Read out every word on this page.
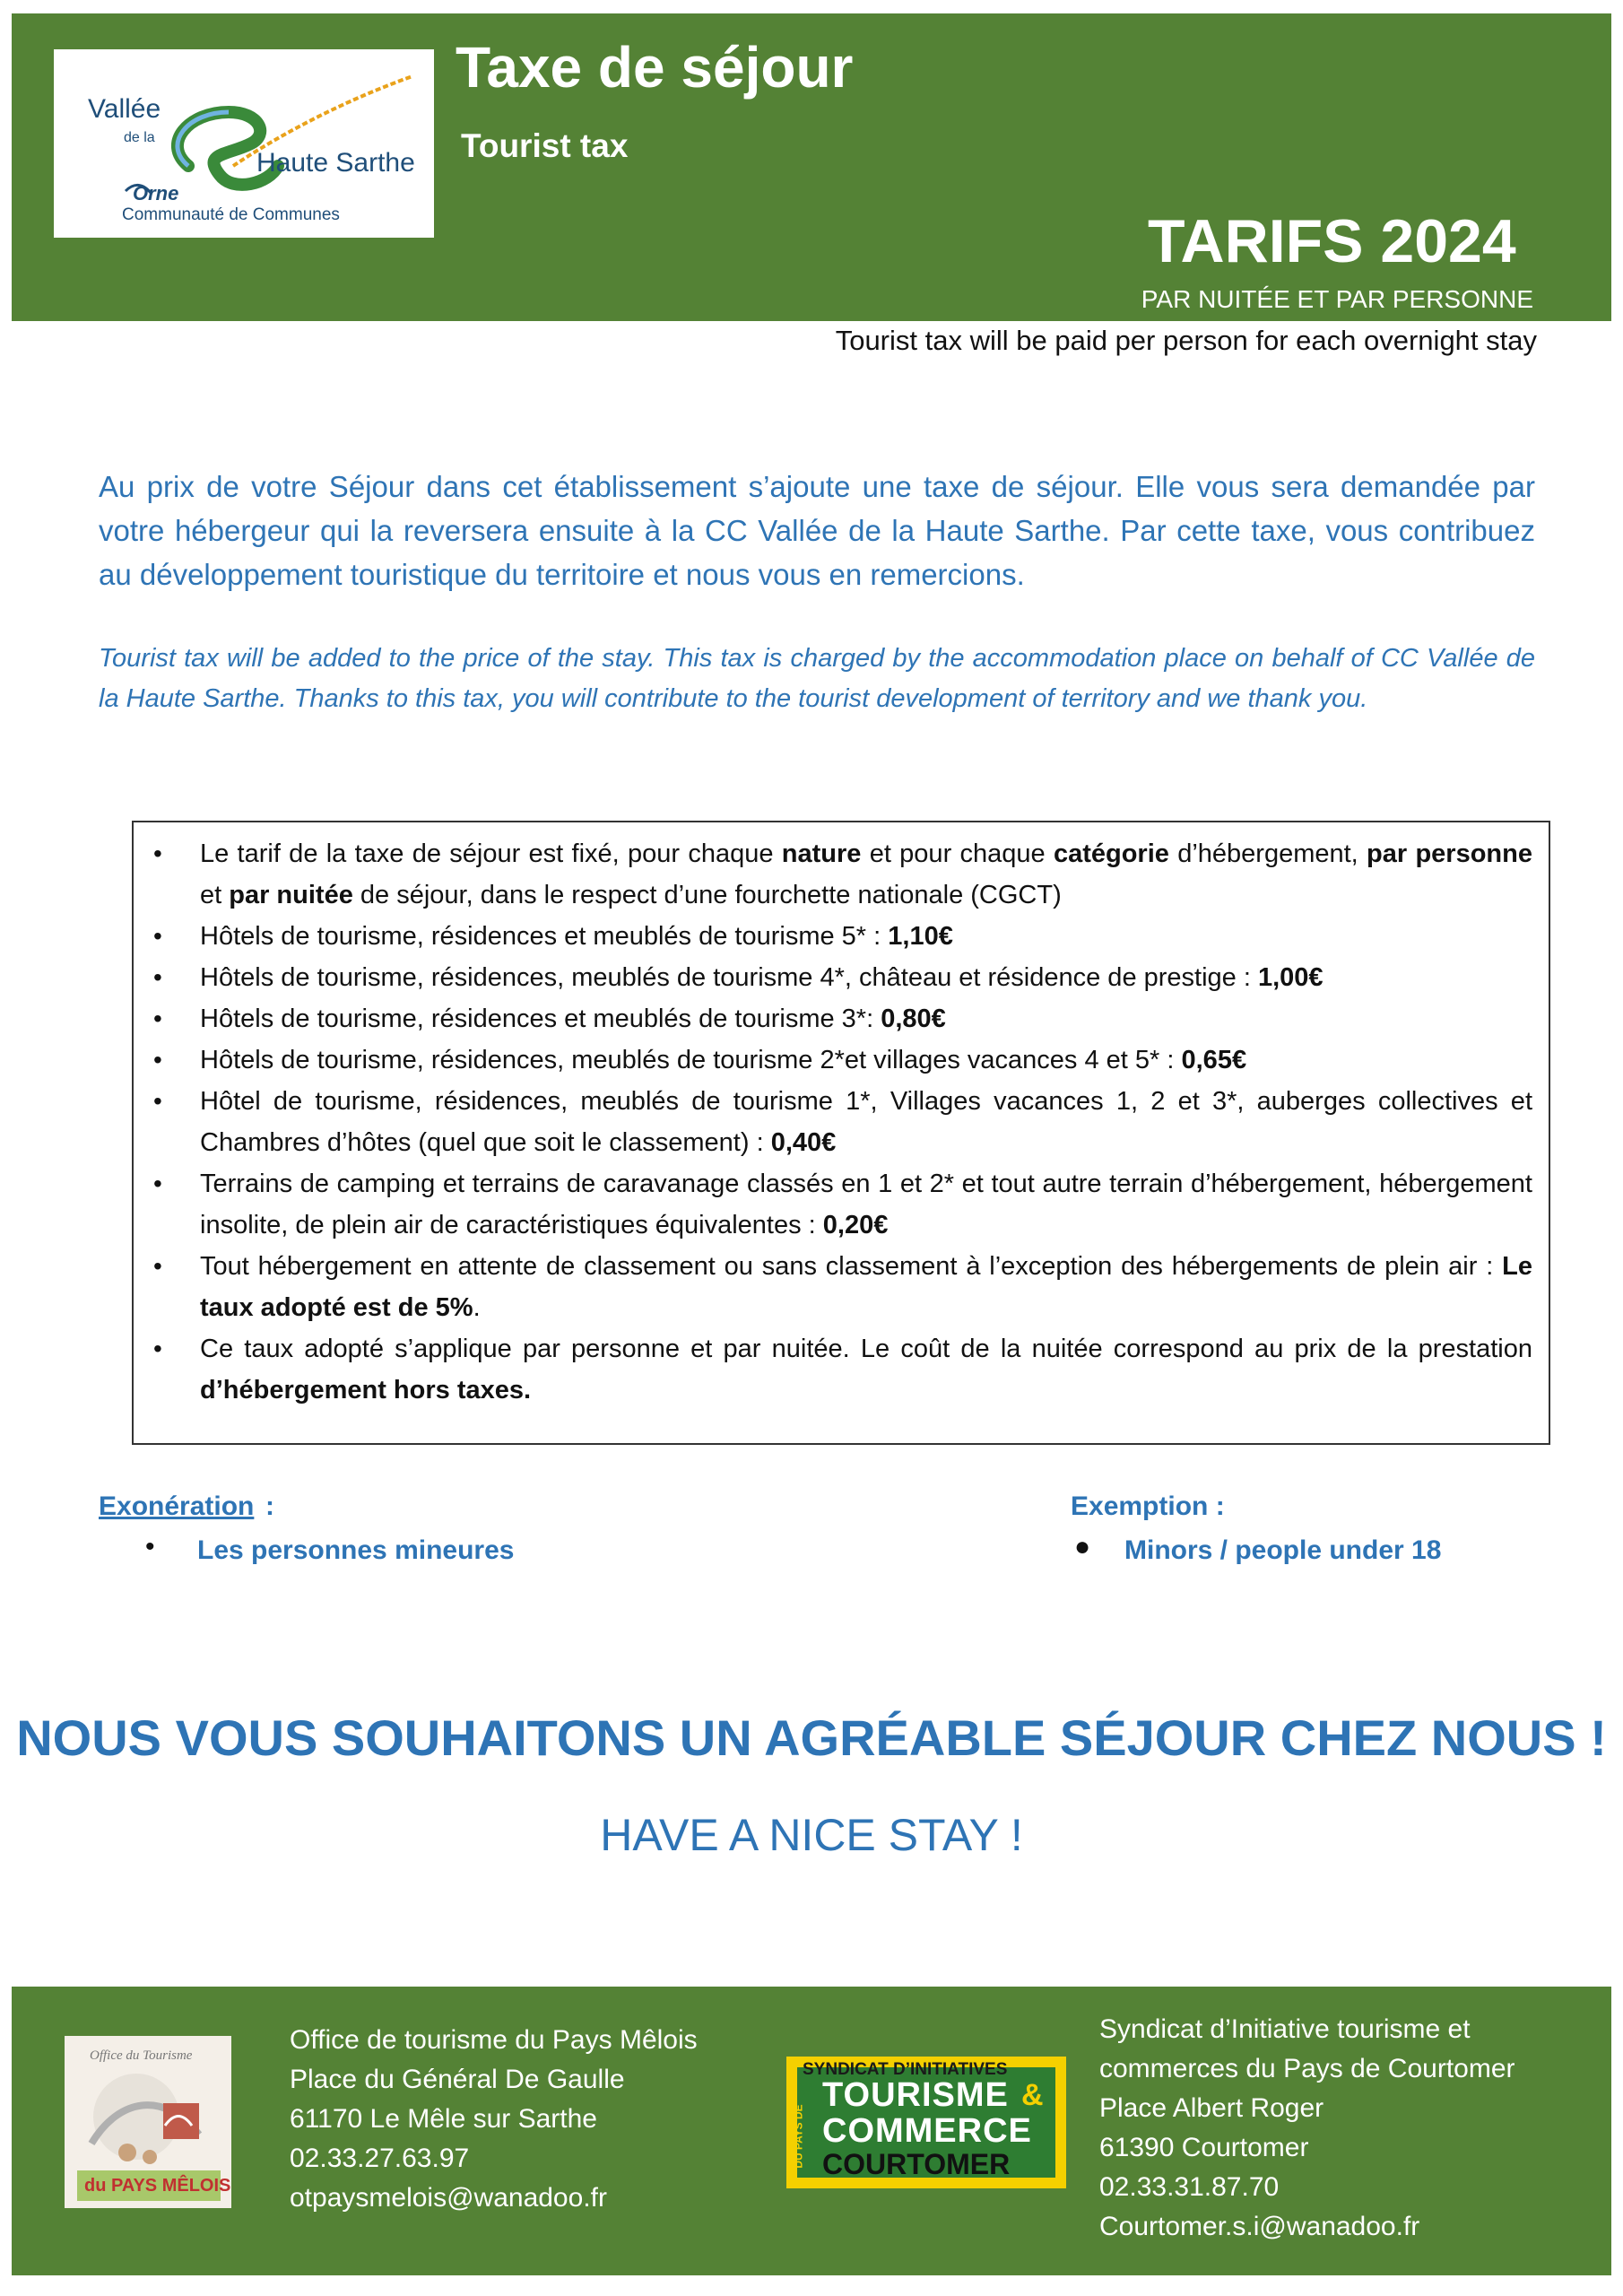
Vallée
de la
Haute Sarthe
Orne
Communauté de Communes
Taxe de séjour
Tourist tax
TARIFS 2024
PAR NUITÉE ET PAR PERSONNE
Tourist tax will be paid per person for each overnight stay
Au prix de votre Séjour dans cet établissement s’ajoute une taxe de séjour. Elle vous sera demandée par votre hébergeur qui la reversera ensuite à la CC Vallée de la Haute Sarthe. Par cette taxe, vous contribuez au développement touristique du territoire et nous vous en remercions.
Tourist tax will be added to the price of the stay. This tax is charged by the accommodation place on behalf of CC Vallée de la Haute Sarthe. Thanks to this tax, you will contribute to the tourist development of territory and we thank you.
• Le tarif de la taxe de séjour est fixé, pour chaque nature et pour chaque catégorie d’hébergement, par personne et par nuitée de séjour, dans le respect d’une fourchette nationale (CGCT)
• Hôtels de tourisme, résidences et meublés de tourisme 5* : 1,10€
• Hôtels de tourisme, résidences, meublés de tourisme 4*, château et résidence de prestige : 1,00€
• Hôtels de tourisme, résidences et meublés de tourisme 3*: 0,80€
• Hôtels de tourisme, résidences, meublés de tourisme 2*et villages vacances 4 et 5* : 0,65€
• Hôtel de tourisme, résidences, meublés de tourisme 1*, Villages vacances 1, 2 et 3*, auberges collectives et Chambres d’hôtes (quel que soit le classement) : 0,40€
• Terrains de camping et terrains de caravanage classés en 1 et 2* et tout autre terrain d’hébergement, hébergement insolite, de plein air de caractéristiques équivalentes : 0,20€
• Tout hébergement en attente de classement ou sans classement à l’exception des hébergements de plein air : Le taux adopté est de 5%.
• Ce taux adopté s’applique par personne et par nuitée. Le coût de la nuitée correspond au prix de la prestation d’hébergement hors taxes.
Exonération :
• Les personnes mineures
Exemption :
● Minors / people under 18
NOUS VOUS SOUHAITONS UN AGRÉABLE SÉJOUR CHEZ NOUS !
HAVE A NICE STAY !
Office du Tourisme
du PAYS MÊLOIS
Office de tourisme du Pays Mêlois
Place du Général De Gaulle
61170 Le Mêle sur Sarthe
02.33.27.63.97
otpaysmelois@wanadoo.fr
SYNDICAT D’INITIATIVES
TOURISME &
COMMERCE
COURTOMER
DU PAYS DE
Syndicat d’Initiative tourisme et
commerces du Pays de Courtomer
Place Albert Roger
61390 Courtomer
02.33.31.87.70
Courtomer.s.i@wanadoo.fr
